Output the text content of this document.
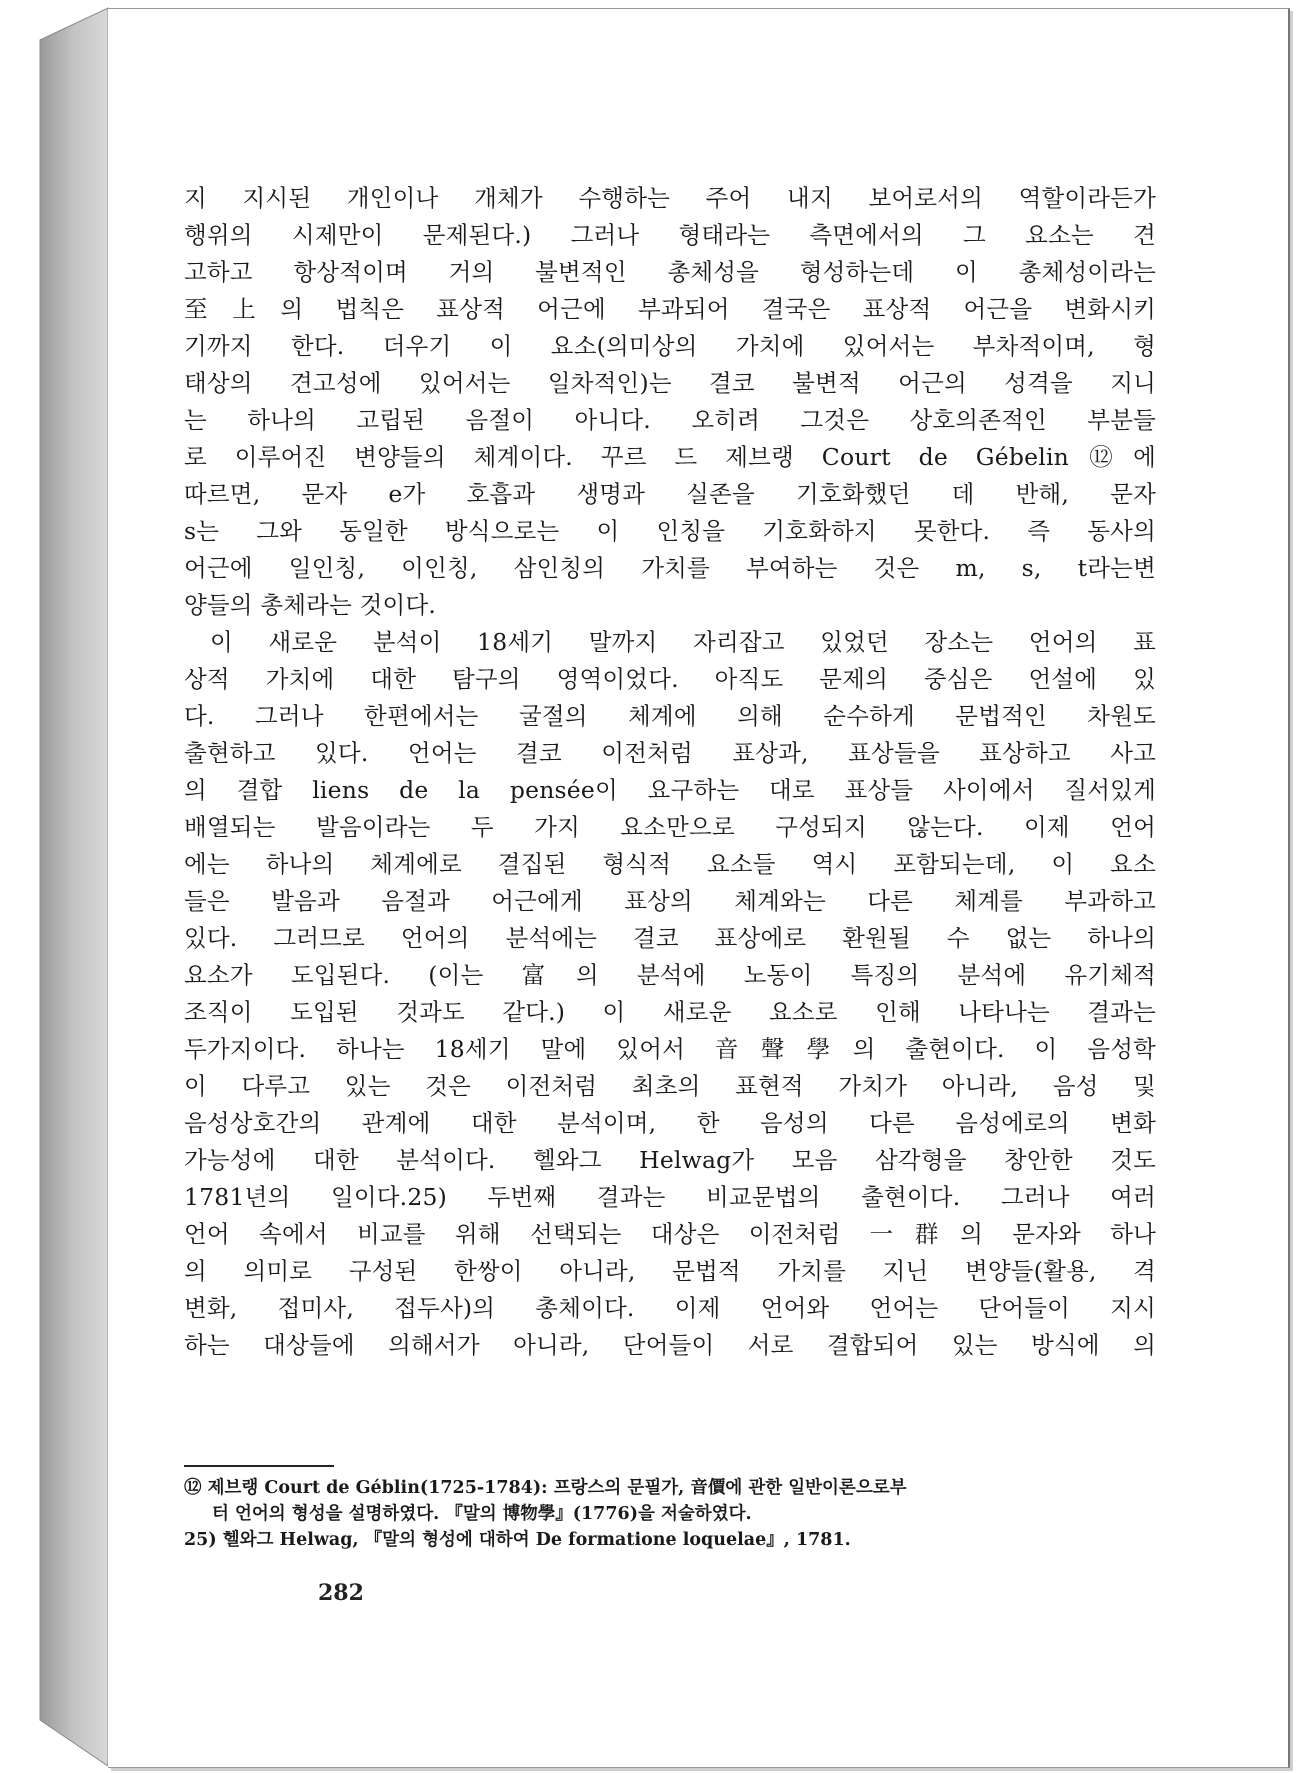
지 지시된 개인이나 개체가 수행하는 주어 내지 보어로서의 역할이라든가
행위의 시제만이 문제된다.) 그러나 형태라는 측면에서의 그 요소는 견
고하고 항상적이며 거의 불변적인 총체성을 형성하는데 이 총체성이라는
至上의 법칙은 표상적 어근에 부과되어 결국은 표상적 어근을 변화시키
기까지 한다. 더우기 이 요소(의미상의 가치에 있어서는 부차적이며, 형
태상의 견고성에 있어서는 일차적인)는 결코 불변적 어근의 성격을 지니
는 하나의 고립된 음절이 아니다. 오히려 그것은 상호의존적인 부분들
로 이루어진 변양들의 체계이다. 꾸르 드 제브랭 Court de Gébelin⑫에
따르면, 문자 e가 호흡과 생명과 실존을 기호화했던 데 반해, 문자
s는 그와 동일한 방식으로는 이 인칭을 기호화하지 못한다. 즉 동사의
어근에 일인칭, 이인칭, 삼인칭의 가치를 부여하는 것은 m, s, t라는변
양들의 총체라는 것이다.
이 새로운 분석이 18세기 말까지 자리잡고 있었던 장소는 언어의 표
상적 가치에 대한 탐구의 영역이었다. 아직도 문제의 중심은 언설에 있
다. 그러나 한편에서는 굴절의 체계에 의해 순수하게 문법적인 차원도
출현하고 있다. 언어는 결코 이전처럼 표상과, 표상들을 표상하고 사고
의 결합 liens de la pensée이 요구하는 대로 표상들 사이에서 질서있게
배열되는 발음이라는 두 가지 요소만으로 구성되지 않는다. 이제 언어
에는 하나의 체계에로 결집된 형식적 요소들 역시 포함되는데, 이 요소
들은 발음과 음절과 어근에게 표상의 체계와는 다른 체계를 부과하고
있다. 그러므로 언어의 분석에는 결코 표상에로 환원될 수 없는 하나의
요소가 도입된다. (이는 富의 분석에 노동이 특징의 분석에 유기체적
조직이 도입된 것과도 같다.) 이 새로운 요소로 인해 나타나는 결과는
두가지이다. 하나는 18세기 말에 있어서 音聲學의 출현이다. 이 음성학
이 다루고 있는 것은 이전처럼 최초의 표현적 가치가 아니라, 음성 및
음성상호간의 관계에 대한 분석이며, 한 음성의 다른 음성에로의 변화
가능성에 대한 분석이다. 헬와그 Helwag가 모음 삼각형을 창안한 것도
1781년의 일이다.25) 두번째 결과는 비교문법의 출현이다. 그러나 여러
언어 속에서 비교를 위해 선택되는 대상은 이전처럼 一群의 문자와 하나
의 의미로 구성된 한쌍이 아니라, 문법적 가치를 지닌 변양들(활용, 격
변화, 접미사, 접두사)의 총체이다. 이제 언어와 언어는 단어들이 지시
하는 대상들에 의해서가 아니라, 단어들이 서로 결합되어 있는 방식에 의
⑫ 제브랭 Court de Géblin(1725-1784): 프랑스의 문필가, 音價에 관한 일반이론으로부
터 언어의 형성을 설명하였다. 『말의 博物學』(1776)을 저술하였다.
25) 헬와그 Helwag, 『말의 형성에 대하여 De formatione loquelae』, 1781.
282
